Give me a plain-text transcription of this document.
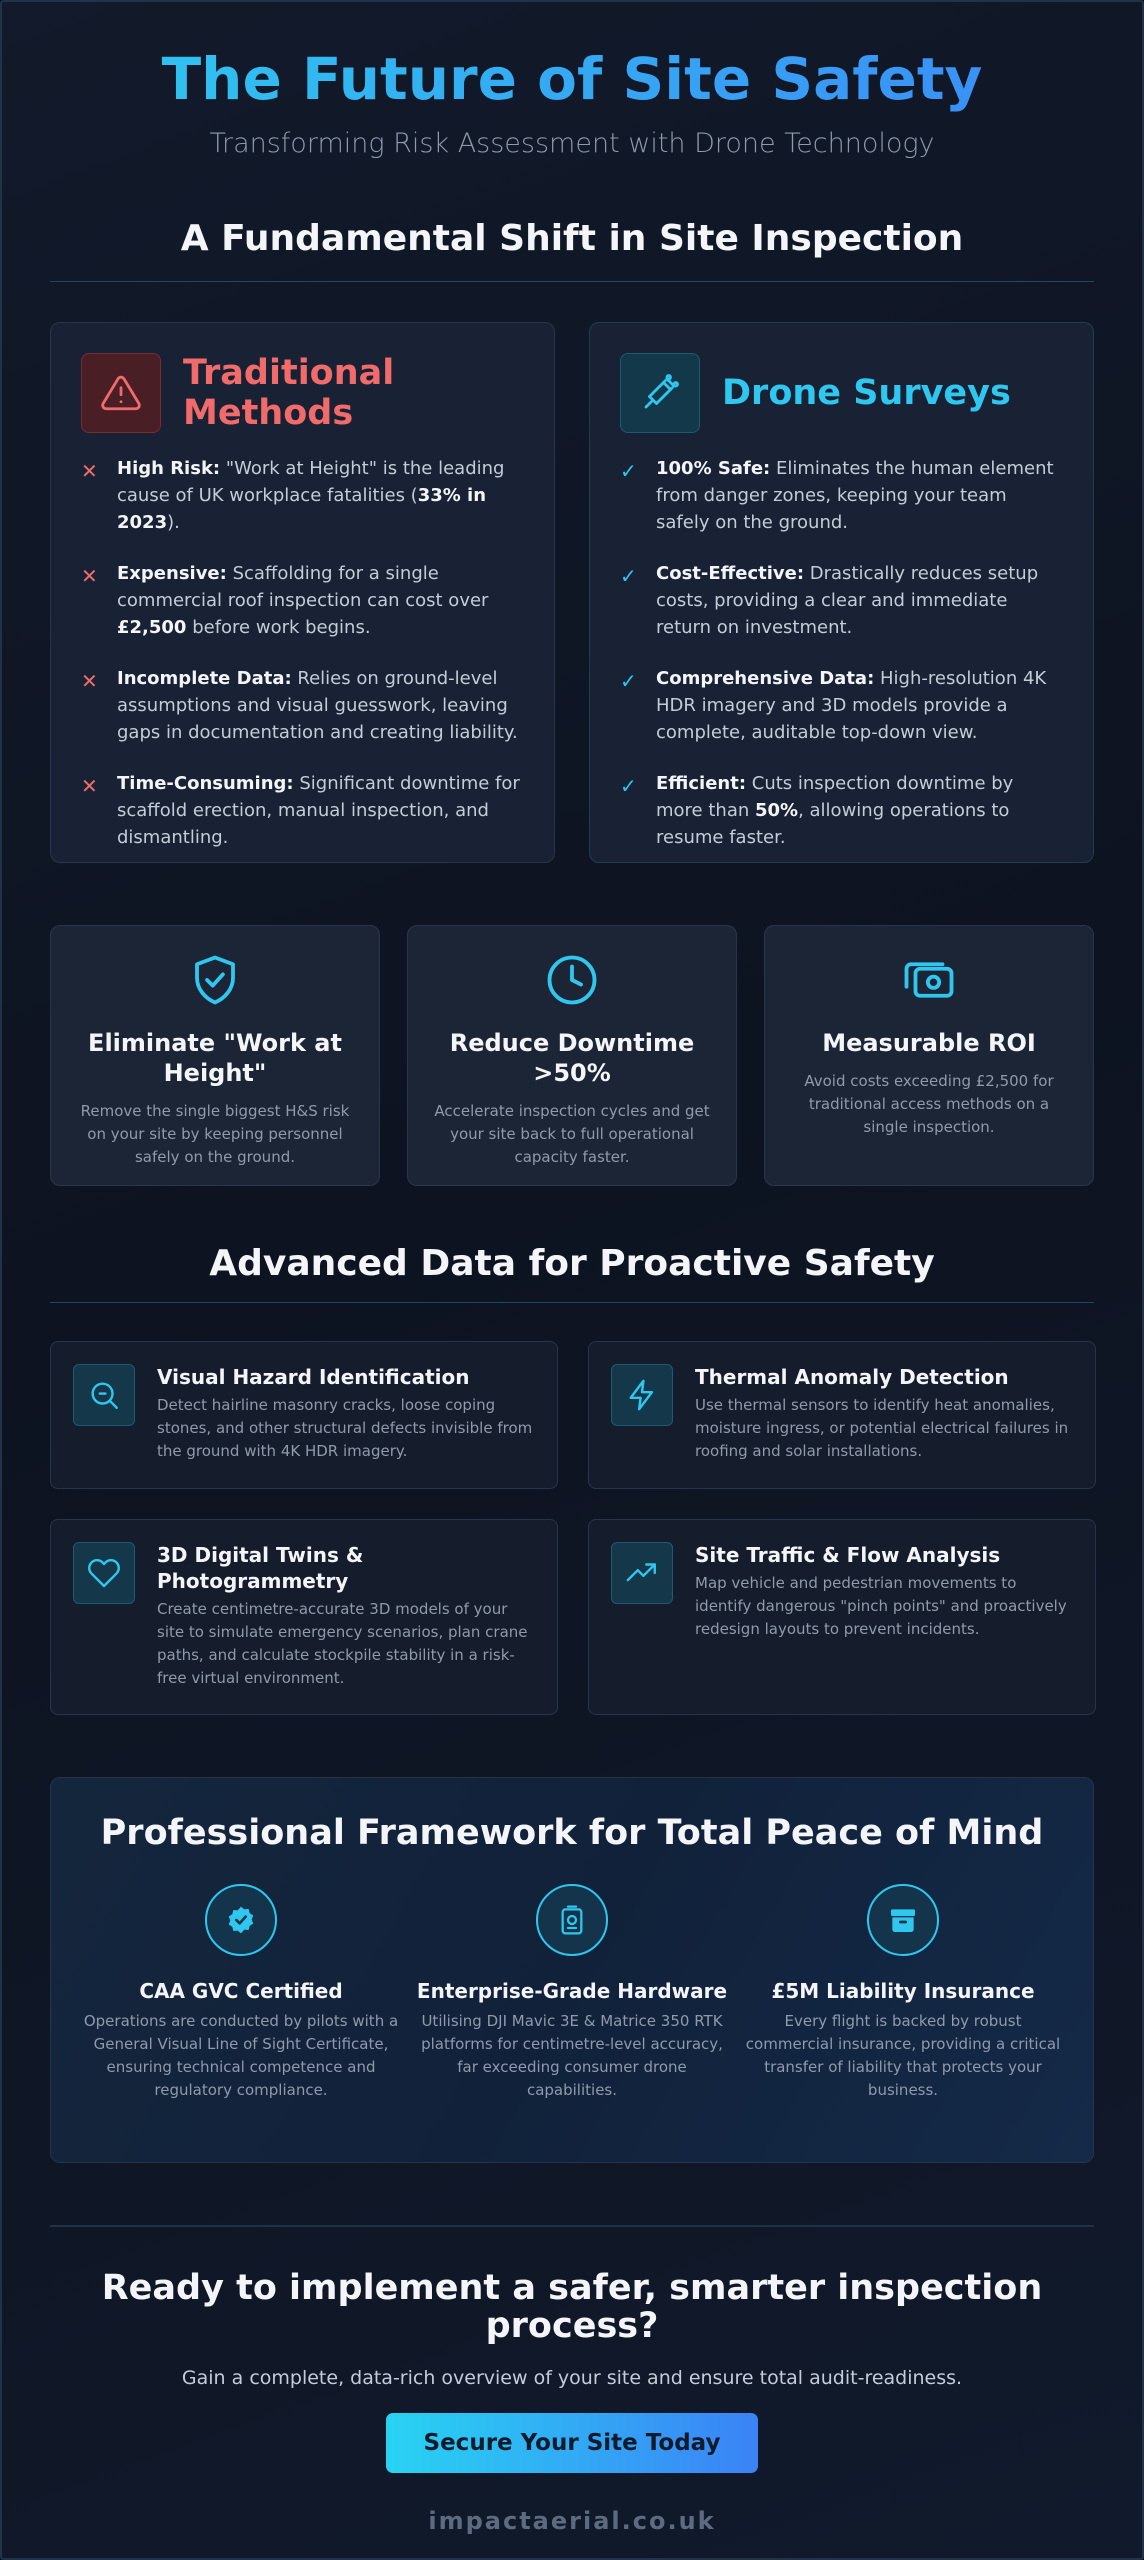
The Future of Site Safety
Transforming Risk Assessment with Drone Technology
A Fundamental Shift in Site Inspection
Traditional Methods
✕ High Risk: "Work at Height" is the leading cause of UK workplace fatalities (33% in 2023).
✕ Expensive: Scaffolding for a single commercial roof inspection can cost over £2,500 before work begins.
✕ Incomplete Data: Relies on ground-level assumptions and visual guesswork, leaving gaps in documentation and creating liability.
✕ Time-Consuming: Significant downtime for scaffold erection, manual inspection, and dismantling.
Drone Surveys
✓ 100% Safe: Eliminates the human element from danger zones, keeping your team safely on the ground.
✓ Cost-Effective: Drastically reduces setup costs, providing a clear and immediate return on investment.
✓ Comprehensive Data: High-resolution 4K HDR imagery and 3D models provide a complete, auditable top-down view.
✓ Efficient: Cuts inspection downtime by more than 50%, allowing operations to resume faster.
Eliminate "Work at Height"
Remove the single biggest H&S risk on your site by keeping personnel safely on the ground.
Reduce Downtime >50%
Accelerate inspection cycles and get your site back to full operational capacity faster.
Measurable ROI
Avoid costs exceeding £2,500 for traditional access methods on a single inspection.
Advanced Data for Proactive Safety
Visual Hazard Identification
Detect hairline masonry cracks, loose coping stones, and other structural defects invisible from the ground with 4K HDR imagery.
Thermal Anomaly Detection
Use thermal sensors to identify heat anomalies, moisture ingress, or potential electrical failures in roofing and solar installations.
3D Digital Twins & Photogrammetry
Create centimetre-accurate 3D models of your site to simulate emergency scenarios, plan crane paths, and calculate stockpile stability in a risk-free virtual environment.
Site Traffic & Flow Analysis
Map vehicle and pedestrian movements to identify dangerous "pinch points" and proactively redesign layouts to prevent incidents.
Professional Framework for Total Peace of Mind
CAA GVC Certified
Operations are conducted by pilots with a General Visual Line of Sight Certificate, ensuring technical competence and regulatory compliance.
Enterprise-Grade Hardware
Utilising DJI Mavic 3E & Matrice 350 RTK platforms for centimetre-level accuracy, far exceeding consumer drone capabilities.
£5M Liability Insurance
Every flight is backed by robust commercial insurance, providing a critical transfer of liability that protects your business.
Ready to implement a safer, smarter inspection process?
Gain a complete, data-rich overview of your site and ensure total audit-readiness.
Secure Your Site Today
impactaerial.co.uk
